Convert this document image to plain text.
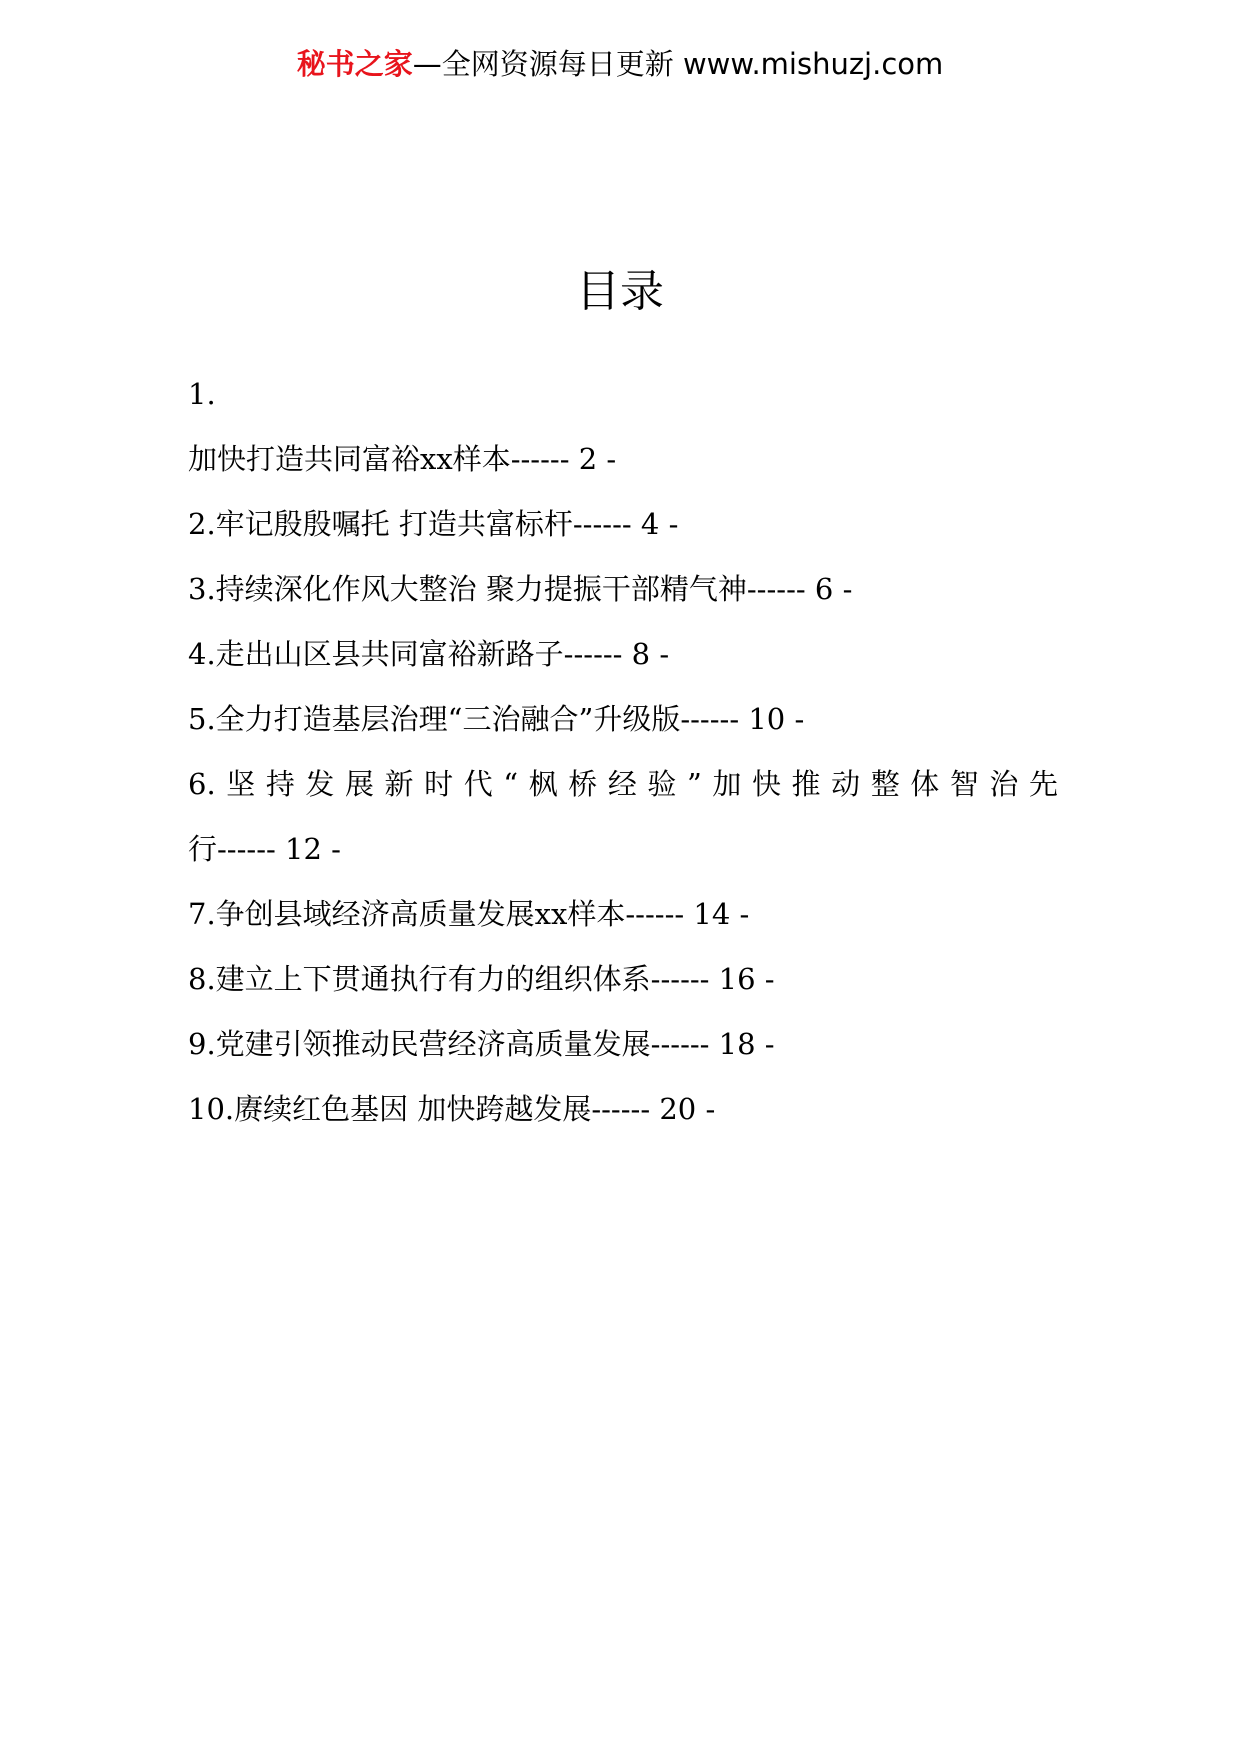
秘书之家—全网资源每日更新 www.mishuzj.com
目录
1.
加快打造共同富裕xx样本------ 2 -
2.牢记殷殷嘱托 打造共富标杆------ 4 -
3.持续深化作风大整治 聚力提振干部精气神------ 6 -
4.走出山区县共同富裕新路子------ 8 -
5.全力打造基层治理“三治融合”升级版------ 10 -
6.坚持发展新时代“枫桥经验”加快推动整体智治先
行------ 12 -
7.争创县域经济高质量发展xx样本------ 14 -
8.建立上下贯通执行有力的组织体系------ 16 -
9.党建引领推动民营经济高质量发展------ 18 -
10.赓续红色基因 加快跨越发展------ 20 -
